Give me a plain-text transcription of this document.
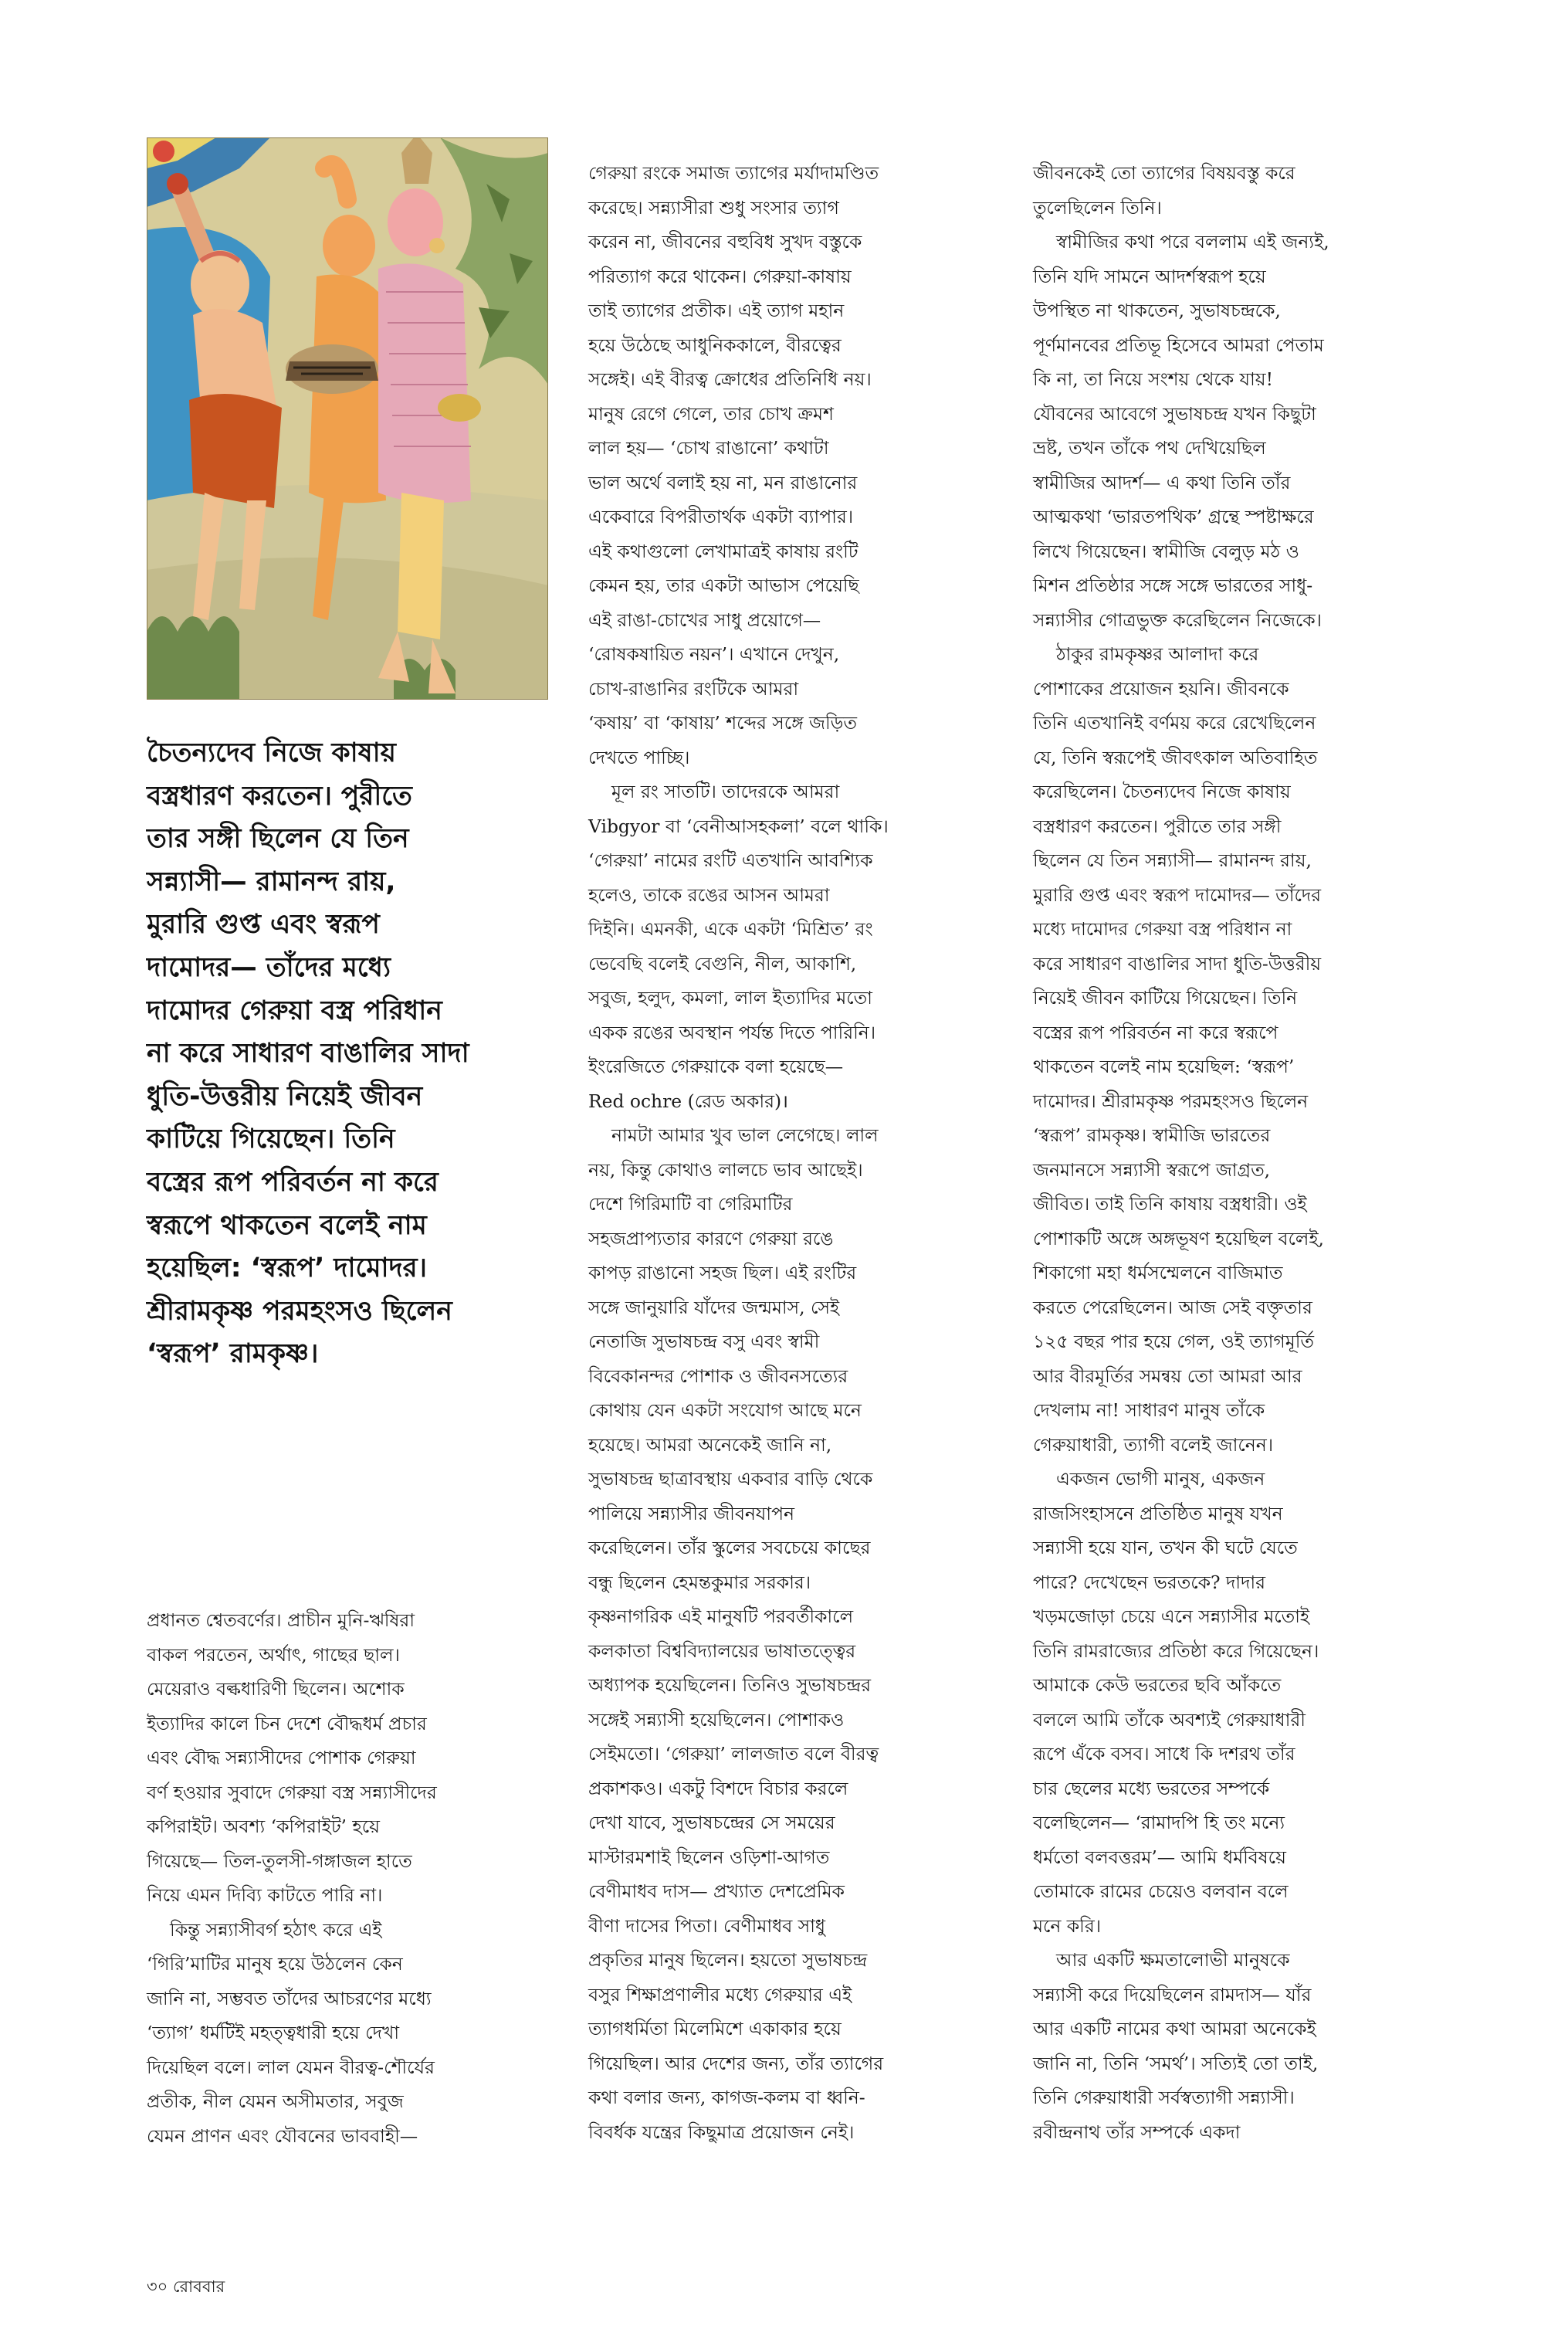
চৈতন্যদেব নিজে কাষায়
বস্ত্রধারণ করতেন। পুরীতে
তার সঙ্গী ছিলেন যে তিন
সন্ন্যাসী— রামানন্দ রায়,
মুরারি গুপ্ত এবং স্বরূপ
দামোদর— তাঁদের মধ্যে
দামোদর গেরুয়া বস্ত্র পরিধান
না করে সাধারণ বাঙালির সাদা
ধুতি-উত্তরীয় নিয়েই জীবন
কাটিয়ে গিয়েছেন। তিনি
বস্ত্রের রূপ পরিবর্তন না করে
স্বরূপে থাকতেন বলেই নাম
হয়েছিল: ‘স্বরূপ’ দামোদর।
শ্রীরামকৃষ্ণ পরমহংসও ছিলেন
‘স্বরূপ’ রামকৃষ্ণ।
প্রধানত শ্বেতবর্ণের। প্রাচীন মুনি-ঋষিরা
বাকল পরতেন, অর্থাৎ, গাছের ছাল।
মেয়েরাও বল্কধারিণী ছিলেন। অশোক
ইত্যাদির কালে চিন দেশে বৌদ্ধধর্ম প্রচার
এবং বৌদ্ধ সন্ন্যাসীদের পোশাক গেরুয়া
বর্ণ হওয়ার সুবাদে গেরুয়া বস্ত্র সন্ন্যাসীদের
কপিরাইট। অবশ্য ‘কপিরাইট’ হয়ে
গিয়েছে— তিল-তুলসী-গঙ্গাজল হাতে
নিয়ে এমন দিব্যি কাটতে পারি না।
কিন্তু সন্ন্যাসীবর্গ হঠাৎ করে এই
‘গিরি’মাটির মানুষ হয়ে উঠলেন কেন
জানি না, সম্ভবত তাঁদের আচরণের মধ্যে
‘ত্যাগ’ ধর্মটিই মহত্ত্বধারী হয়ে দেখা
দিয়েছিল বলে। লাল যেমন বীরত্ব-শৌর্যের
প্রতীক, নীল যেমন অসীমতার, সবুজ
যেমন প্রাণন এবং যৌবনের ভাববাহী—
গেরুয়া রংকে সমাজ ত্যাগের মর্যাদামণ্ডিত
করেছে। সন্ন্যাসীরা শুধু সংসার ত্যাগ
করেন না, জীবনের বহুবিধ সুখদ বস্তুকে
পরিত্যাগ করে থাকেন। গেরুয়া-কাষায়
তাই ত্যাগের প্রতীক। এই ত্যাগ মহান
হয়ে উঠেছে আধুনিককালে, বীরত্বের
সঙ্গেই। এই বীরত্ব ক্রোধের প্রতিনিধি নয়।
মানুষ রেগে গেলে, তার চোখ ক্রমশ
লাল হয়— ‘চোখ রাঙানো’ কথাটা
ভাল অর্থে বলাই হয় না, মন রাঙানোর
একেবারে বিপরীতার্থক একটা ব্যাপার।
এই কথাগুলো লেখামাত্রই কাষায় রংটি
কেমন হয়, তার একটা আভাস পেয়েছি
এই রাঙা-চোখের সাধু প্রয়োগে—
‘রোষকষায়িত নয়ন’। এখানে দেখুন,
চোখ-রাঙানির রংটিকে আমরা
‘কষায়’ বা ‘কাষায়’ শব্দের সঙ্গে জড়িত
দেখতে পাচ্ছি।
মূল রং সাতটি। তাদেরকে আমরা
Vibgyor বা ‘বেনীআসহকলা’ বলে থাকি।
‘গেরুয়া’ নামের রংটি এতখানি আবশ্যিক
হলেও, তাকে রঙের আসন আমরা
দিইনি। এমনকী, একে একটা ‘মিশ্রিত’ রং
ভেবেছি বলেই বেগুনি, নীল, আকাশি,
সবুজ, হলুদ, কমলা, লাল ইত্যাদির মতো
একক রঙের অবস্থান পর্যন্ত দিতে পারিনি।
ইংরেজিতে গেরুয়াকে বলা হয়েছে—
Red ochre (রেড অকার)।
নামটা আমার খুব ভাল লেগেছে। লাল
নয়, কিন্তু কোথাও লালচে ভাব আছেই।
দেশে গিরিমাটি বা গেরিমাটির
সহজপ্রাপ্যতার কারণে গেরুয়া রঙে
কাপড় রাঙানো সহজ ছিল। এই রংটির
সঙ্গে জানুয়ারি যাঁদের জন্মমাস, সেই
নেতাজি সুভাষচন্দ্র বসু এবং স্বামী
বিবেকানন্দর পোশাক ও জীবনসত্যের
কোথায় যেন একটা সংযোগ আছে মনে
হয়েছে। আমরা অনেকেই জানি না,
সুভাষচন্দ্র ছাত্রাবস্থায় একবার বাড়ি থেকে
পালিয়ে সন্ন্যাসীর জীবনযাপন
করেছিলেন। তাঁর স্কুলের সবচেয়ে কাছের
বন্ধু ছিলেন হেমন্তকুমার সরকার।
কৃষ্ণনাগরিক এই মানুষটি পরবর্তীকালে
কলকাতা বিশ্ববিদ্যালয়ের ভাষাতত্ত্বের
অধ্যাপক হয়েছিলেন। তিনিও সুভাষচন্দ্রর
সঙ্গেই সন্ন্যাসী হয়েছিলেন। পোশাকও
সেইমতো। ‘গেরুয়া’ লালজাত বলে বীরত্ব
প্রকাশকও। একটু বিশদে বিচার করলে
দেখা যাবে, সুভাষচন্দ্রের সে সময়ের
মাস্টারমশাই ছিলেন ওড়িশা-আগত
বেণীমাধব দাস— প্রখ্যাত দেশপ্রেমিক
বীণা দাসের পিতা। বেণীমাধব সাধু
প্রকৃতির মানুষ ছিলেন। হয়তো সুভাষচন্দ্র
বসুর শিক্ষাপ্রণালীর মধ্যে গেরুয়ার এই
ত্যাগধর্মিতা মিলেমিশে একাকার হয়ে
গিয়েছিল। আর দেশের জন্য, তাঁর ত্যাগের
কথা বলার জন্য, কাগজ-কলম বা ধ্বনি-
বিবর্ধক যন্ত্রের কিছুমাত্র প্রয়োজন নেই।
জীবনকেই তো ত্যাগের বিষয়বস্তু করে
তুলেছিলেন তিনি।
স্বামীজির কথা পরে বললাম এই জন্যই,
তিনি যদি সামনে আদর্শস্বরূপ হয়ে
উপস্থিত না থাকতেন, সুভাষচন্দ্রকে,
পূর্ণমানবের প্রতিভূ হিসেবে আমরা পেতাম
কি না, তা নিয়ে সংশয় থেকে যায়!
যৌবনের আবেগে সুভাষচন্দ্র যখন কিছুটা
ভ্রষ্ট, তখন তাঁকে পথ দেখিয়েছিল
স্বামীজির আদর্শ— এ কথা তিনি তাঁর
আত্মকথা ‘ভারতপথিক’ গ্রন্থে স্পষ্টাক্ষরে
লিখে গিয়েছেন। স্বামীজি বেলুড় মঠ ও
মিশন প্রতিষ্ঠার সঙ্গে সঙ্গে ভারতের সাধু-
সন্ন্যাসীর গোত্রভুক্ত করেছিলেন নিজেকে।
ঠাকুর রামকৃষ্ণর আলাদা করে
পোশাকের প্রয়োজন হয়নি। জীবনকে
তিনি এতখানিই বর্ণময় করে রেখেছিলেন
যে, তিনি স্বরূপেই জীবৎকাল অতিবাহিত
করেছিলেন। চৈতন্যদেব নিজে কাষায়
বস্ত্রধারণ করতেন। পুরীতে তার সঙ্গী
ছিলেন যে তিন সন্ন্যাসী— রামানন্দ রায়,
মুরারি গুপ্ত এবং স্বরূপ দামোদর— তাঁদের
মধ্যে দামোদর গেরুয়া বস্ত্র পরিধান না
করে সাধারণ বাঙালির সাদা ধুতি-উত্তরীয়
নিয়েই জীবন কাটিয়ে গিয়েছেন। তিনি
বস্ত্রের রূপ পরিবর্তন না করে স্বরূপে
থাকতেন বলেই নাম হয়েছিল: ‘স্বরূপ’
দামোদর। শ্রীরামকৃষ্ণ পরমহংসও ছিলেন
‘স্বরূপ’ রামকৃষ্ণ। স্বামীজি ভারতের
জনমানসে সন্ন্যাসী স্বরূপে জাগ্রত,
জীবিত। তাই তিনি কাষায় বস্ত্রধারী। ওই
পোশাকটি অঙ্গে অঙ্গভূষণ হয়েছিল বলেই,
শিকাগো মহা ধর্মসম্মেলনে বাজিমাত
করতে পেরেছিলেন। আজ সেই বক্তৃতার
১২৫ বছর পার হয়ে গেল, ওই ত্যাগমূর্তি
আর বীরমূর্তির সমন্বয় তো আমরা আর
দেখলাম না! সাধারণ মানুষ তাঁকে
গেরুয়াধারী, ত্যাগী বলেই জানেন।
একজন ভোগী মানুষ, একজন
রাজসিংহাসনে প্রতিষ্ঠিত মানুষ যখন
সন্ন্যাসী হয়ে যান, তখন কী ঘটে যেতে
পারে? দেখেছেন ভরতকে? দাদার
খড়মজোড়া চেয়ে এনে সন্ন্যাসীর মতোই
তিনি রামরাজ্যের প্রতিষ্ঠা করে গিয়েছেন।
আমাকে কেউ ভরতের ছবি আঁকতে
বললে আমি তাঁকে অবশ্যই গেরুয়াধারী
রূপে এঁকে বসব। সাধে কি দশরথ তাঁর
চার ছেলের মধ্যে ভরতের সম্পর্কে
বলেছিলেন— ‘রামাদপি হি তং মন্যে
ধর্মতো বলবত্তরম’— আমি ধর্মবিষয়ে
তোমাকে রামের চেয়েও বলবান বলে
মনে করি।
আর একটি ক্ষমতালোভী মানুষকে
সন্ন্যাসী করে দিয়েছিলেন রামদাস— যাঁর
আর একটি নামের কথা আমরা অনেকেই
জানি না, তিনি ‘সমর্থ’। সত্যিই তো তাই,
তিনি গেরুয়াধারী সর্বস্বত্যাগী সন্ন্যাসী।
রবীন্দ্রনাথ তাঁর সম্পর্কে একদা
৩০ রোববার
